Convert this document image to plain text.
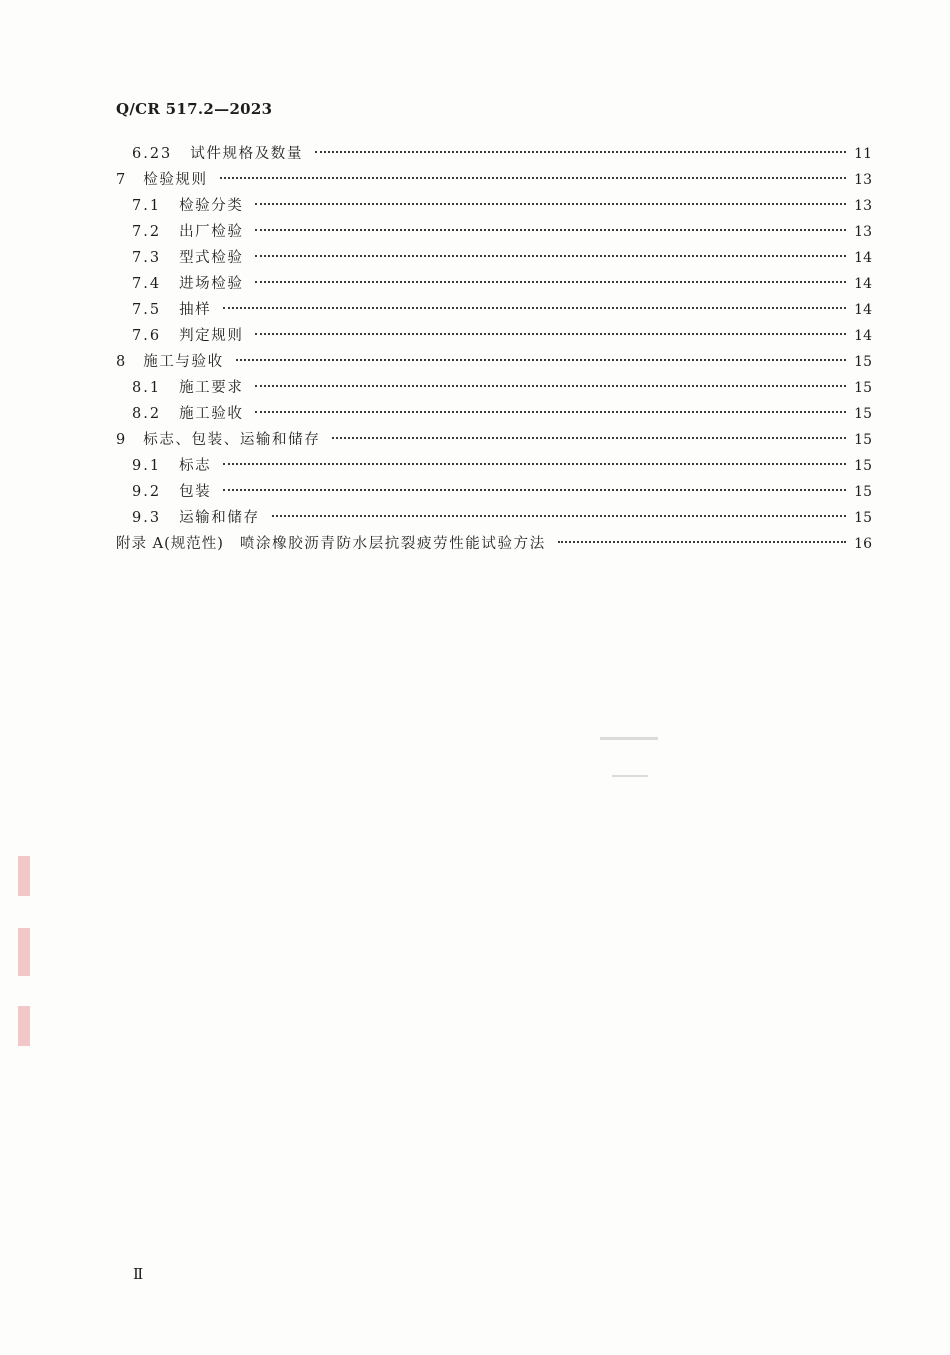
Q/CR 517.2—2023
6.23 试件规格及数量	11
7 检验规则	13
7.1 检验分类	13
7.2 出厂检验	13
7.3 型式检验	14
7.4 进场检验	14
7.5 抽样	14
7.6 判定规则	14
8 施工与验收	15
8.1 施工要求	15
8.2 施工验收	15
9 标志、包装、运输和储存	15
9.1 标志	15
9.2 包装	15
9.3 运输和储存	15
附录 A(规范性) 喷涂橡胶沥青防水层抗裂疲劳性能试验方法	16
Ⅱ
